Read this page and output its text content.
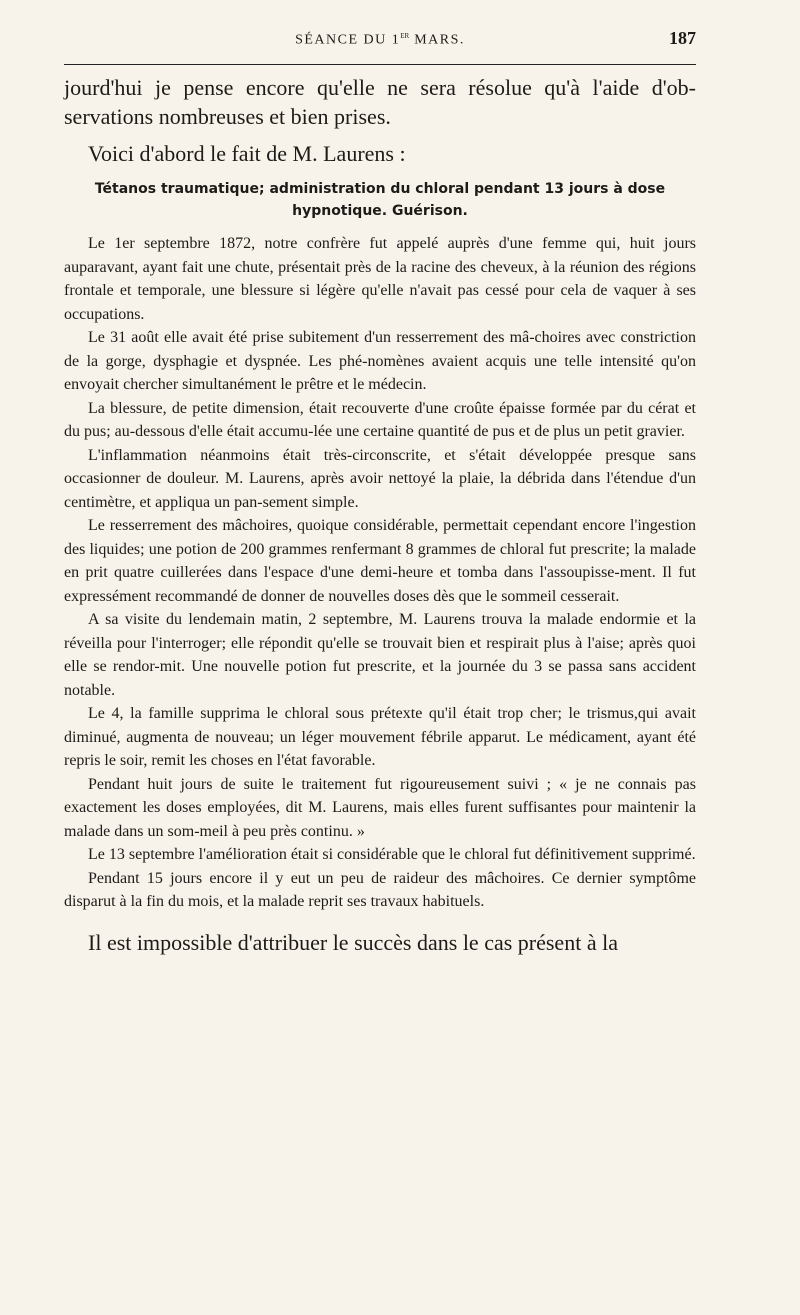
SÉANCE DU 1er MARS.	187

jourd'hui je pense encore qu'elle ne sera résolue qu'à l'aide d'ob-servations nombreuses et bien prises.

Voici d'abord le fait de M. Laurens :

Tétanos traumatique; administration du chloral pendant 13 jours à dose hypnotique. Guérison.

Le 1er septembre 1872, notre confrère fut appelé auprès d'une femme qui, huit jours auparavant, ayant fait une chute, présentait près de la racine des cheveux, à la réunion des régions frontale et temporale, une blessure si légère qu'elle n'avait pas cessé pour cela de vaquer à ses occupations.

Le 31 août elle avait été prise subitement d'un resserrement des mâ-choires avec constriction de la gorge, dysphagie et dyspnée. Les phé-nomènes avaient acquis une telle intensité qu'on envoyait chercher simultanément le prêtre et le médecin.

La blessure, de petite dimension, était recouverte d'une croûte épaisse formée par du cérat et du pus; au-dessous d'elle était accumu-lée une certaine quantité de pus et de plus un petit gravier.

L'inflammation néanmoins était très-circonscrite, et s'était développée presque sans occasionner de douleur. M. Laurens, après avoir nettoyé la plaie, la débrida dans l'étendue d'un centimètre, et appliqua un pan-sement simple.

Le resserrement des mâchoires, quoique considérable, permettait cependant encore l'ingestion des liquides; une potion de 200 grammes renfermant 8 grammes de chloral fut prescrite; la malade en prit quatre cuillerées dans l'espace d'une demi-heure et tomba dans l'assoupisse-ment. Il fut expressément recommandé de donner de nouvelles doses dès que le sommeil cesserait.

A sa visite du lendemain matin, 2 septembre, M. Laurens trouva la malade endormie et la réveilla pour l'interroger; elle répondit qu'elle se trouvait bien et respirait plus à l'aise; après quoi elle se rendor-mit. Une nouvelle potion fut prescrite, et la journée du 3 se passa sans accident notable.

Le 4, la famille supprima le chloral sous prétexte qu'il était trop cher; le trismus,qui avait diminué, augmenta de nouveau; un léger mouvement fébrile apparut. Le médicament, ayant été repris le soir, remit les choses en l'état favorable.

Pendant huit jours de suite le traitement fut rigoureusement suivi ; « je ne connais pas exactement les doses employées, dit M. Laurens, mais elles furent suffisantes pour maintenir la malade dans un som-meil à peu près continu. »

Le 13 septembre l'amélioration était si considérable que le chloral fut définitivement supprimé.

Pendant 15 jours encore il y eut un peu de raideur des mâchoires. Ce dernier symptôme disparut à la fin du mois, et la malade reprit ses travaux habituels.

Il est impossible d'attribuer le succès dans le cas présent à la
